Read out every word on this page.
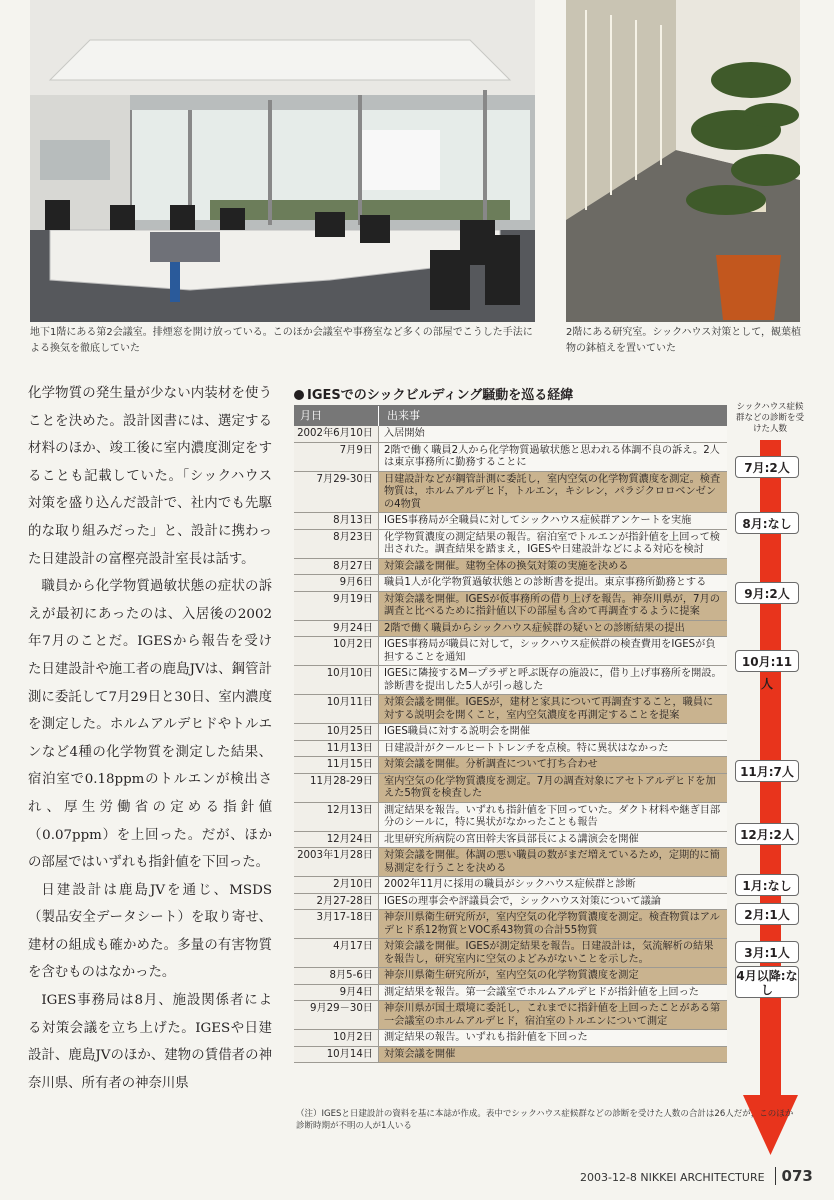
地下1階にある第2会議室。排煙窓を開け放っている。このほか会議室や事務室など多くの部屋でこうした手法による換気を徹底していた
2階にある研究室。シックハウス対策として，観葉植物の鉢植えを置いていた

化学物質の発生量が少ない内装材を使うことを決めた。設計図書には、選定する材料のほか、竣工後に室内濃度測定をすることも記載していた。「シックハウス対策を盛り込んだ設計で、社内でも先駆的な取り組みだった」と、設計に携わった日建設計の富樫亮設計室長は話す。

職員から化学物質過敏状態の症状の訴えが最初にあったのは、入居後の2002年7月のことだ。IGESから報告を受けた日建設計や施工者の鹿島JVは、鋼管計測に委託して7月29日と30日、室内濃度を測定した。ホルムアルデヒドやトルエンなど4種の化学物質を測定した結果、宿泊室で0.18ppmのトルエンが検出され、厚生労働省の定める指針値（0.07ppm）を上回った。だが、ほかの部屋ではいずれも指針値を下回った。

日建設計は鹿島JVを通じ、MSDS（製品安全データシート）を取り寄せ、建材の組成も確かめた。多量の有害物質を含むものはなかった。

IGES事務局は8月、施設関係者による対策会議を立ち上げた。IGESや日建設計、鹿島JVのほか、建物の賃借者の神奈川県、所有者の神奈川県

IGESでのシックビルディング騒動を巡る経緯
月日	出来事
2002年6月10日	入居開始
7月9日	2階で働く職員2人から化学物質過敏状態と思われる体調不良の訴え。2人は東京事務所に勤務することに
7月29-30日	日建設計などが鋼管計測に委託し，室内空気の化学物質濃度を測定。検査物質は，ホルムアルデヒド，トルエン，キシレン，パラジクロロベンゼンの4物質
8月13日	IGES事務局が全職員に対してシックハウス症候群アンケートを実施
8月23日	化学物質濃度の測定結果の報告。宿泊室でトルエンが指針値を上回って検出された。調査結果を踏まえ，IGESや日建設計などによる対応を検討
8月27日	対策会議を開催。建物全体の換気対策の実施を決める
9月6日	職員1人が化学物質過敏状態との診断書を提出。東京事務所勤務とする
9月19日	対策会議を開催。IGESが仮事務所の借り上げを報告。神奈川県が，7月の調査と比べるために指針値以下の部屋も含めて再調査するように提案
9月24日	2階で働く職員からシックハウス症候群の疑いとの診断結果の提出
10月2日	IGES事務局が職員に対して，シックハウス症候群の検査費用をIGESが負担することを通知
10月10日	IGESに隣接するMープラザと呼ぶ既存の施設に，借り上げ事務所を開設。診断書を提出した5人が引っ越した
10月11日	対策会議を開催。IGESが，建材と家具について再調査すること，職員に対する説明会を開くこと，室内空気濃度を再測定することを提案
10月25日	IGES職員に対する説明会を開催
11月13日	日建設計がクールヒートトレンチを点検。特に異状はなかった
11月15日	対策会議を開催。分析調査について打ち合わせ
11月28-29日	室内空気の化学物質濃度を測定。7月の調査対象にアセトアルデヒドを加えた5物質を検査した
12月13日	測定結果を報告。いずれも指針値を下回っていた。ダクト材料や継ぎ目部分のシールに，特に異状がなかったことも報告
12月24日	北里研究所病院の宮田幹夫客員部長による講演会を開催
2003年1月28日	対策会議を開催。体調の悪い職員の数がまだ増えているため，定期的に簡易測定を行うことを決める
2月10日	2002年11月に採用の職員がシックハウス症候群と診断
2月27-28日	IGESの理事会や評議員会で，シックハウス対策について議論
3月17-18日	神奈川県衛生研究所が，室内空気の化学物質濃度を測定。検査物質はアルデヒド系12物質とVOC系43物質の合計55物質
4月17日	対策会議を開催。IGESが測定結果を報告。日建設計は，気流解析の結果を報告し，研究室内に空気のよどみがないことを示した。
8月5-6日	神奈川県衛生研究所が，室内空気の化学物質濃度を測定
9月4日	測定結果を報告。第一会議室でホルムアルデヒドが指針値を上回った
9月29－30日	神奈川県が国土環境に委託し，これまでに指針値を上回ったことがある第一会議室のホルムアルデヒド，宿泊室のトルエンについて測定
10月2日	測定結果の報告。いずれも指針値を下回った
10月14日	対策会議を開催
シックハウス症候群などの診断を受けた人数
7月:2人
8月:なし
9月:2人
10月:11人
11月:7人
12月:2人
1月:なし
2月:1人
3月:1人
4月以降:なし
（注）IGESと日建設計の資料を基に本誌が作成。表中でシックハウス症候群などの診断を受けた人数の合計は26人だが，このほか診断時期が不明の人が1人いる
2003-12-8 NIKKEI ARCHITECTURE 073
